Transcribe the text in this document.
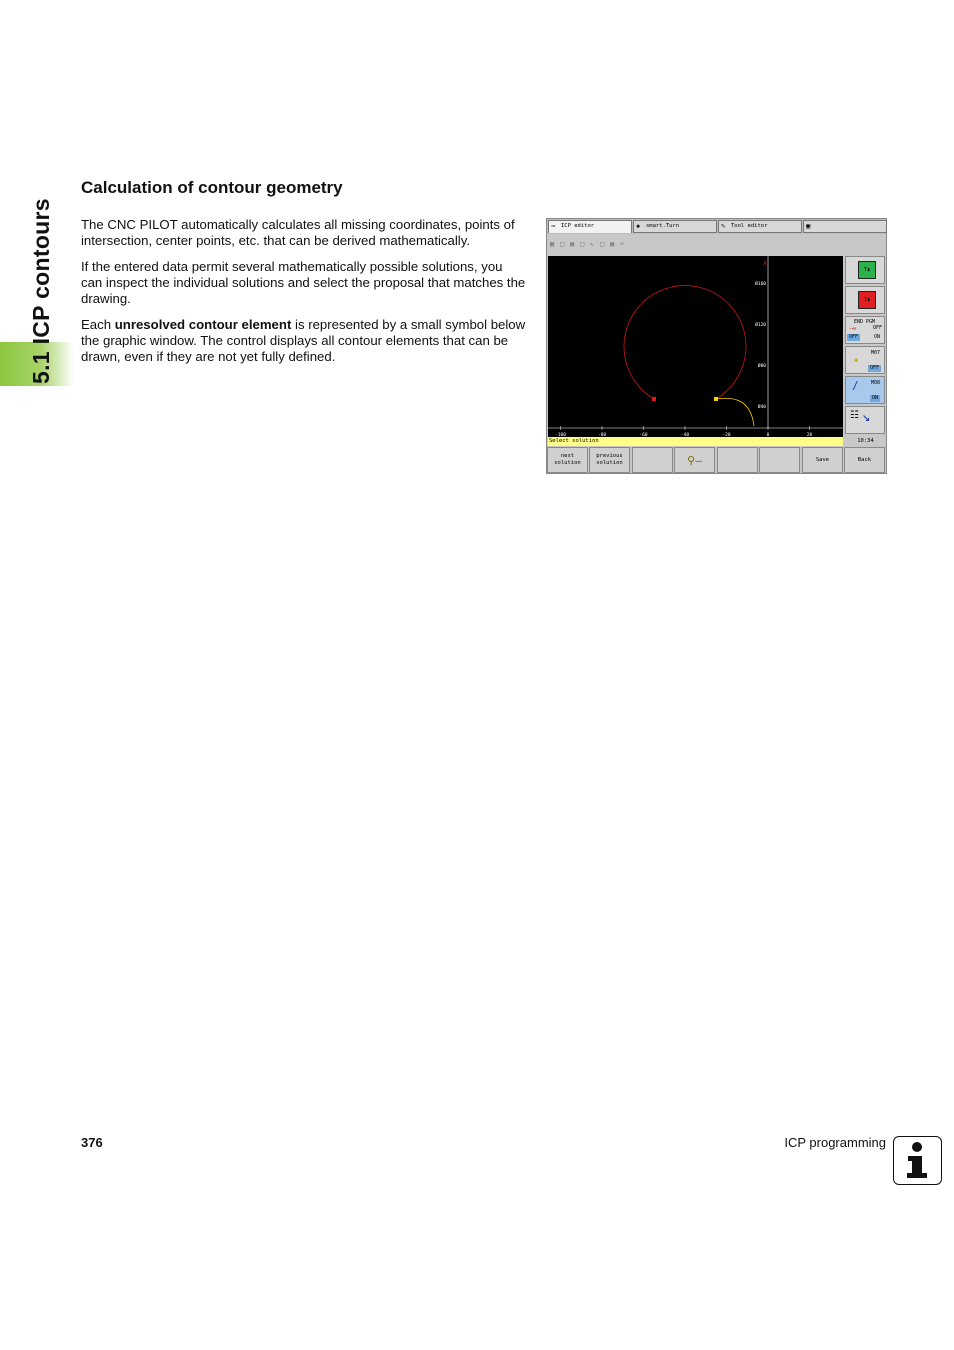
5.1 ICP contours
Calculation of contour geometry

The CNC PILOT automatically calculates all missing coordinates, points of intersection, center points, etc. that can be derived mathematically.

If the entered data permit several mathematically possible solutions, you can inspect the individual solutions and select the proposal that matches the drawing.

Each unresolved contour element is represented by a small symbol below the graphic window. The control displays all contour elements that can be drawn, even if they are not yet fully defined.

⇒ ICP editor	◈ smart.Turn	✎ Tool editor	▣
▦ □ ▦ □ ↖ □ ▦ ↶
X
Ø160
Ø120
Ø80
Ø40
-100	-80	-60	-40	-20	0	20
T▮
T▮
END PGM
⟶⊖	OFF
OFF	ON
M07
◈
OFF
M08
∕
ON
☷ ↘
Select solution	10:34
next
solution
previous
solution	⚲—	Save	Back
376	ICP programming
